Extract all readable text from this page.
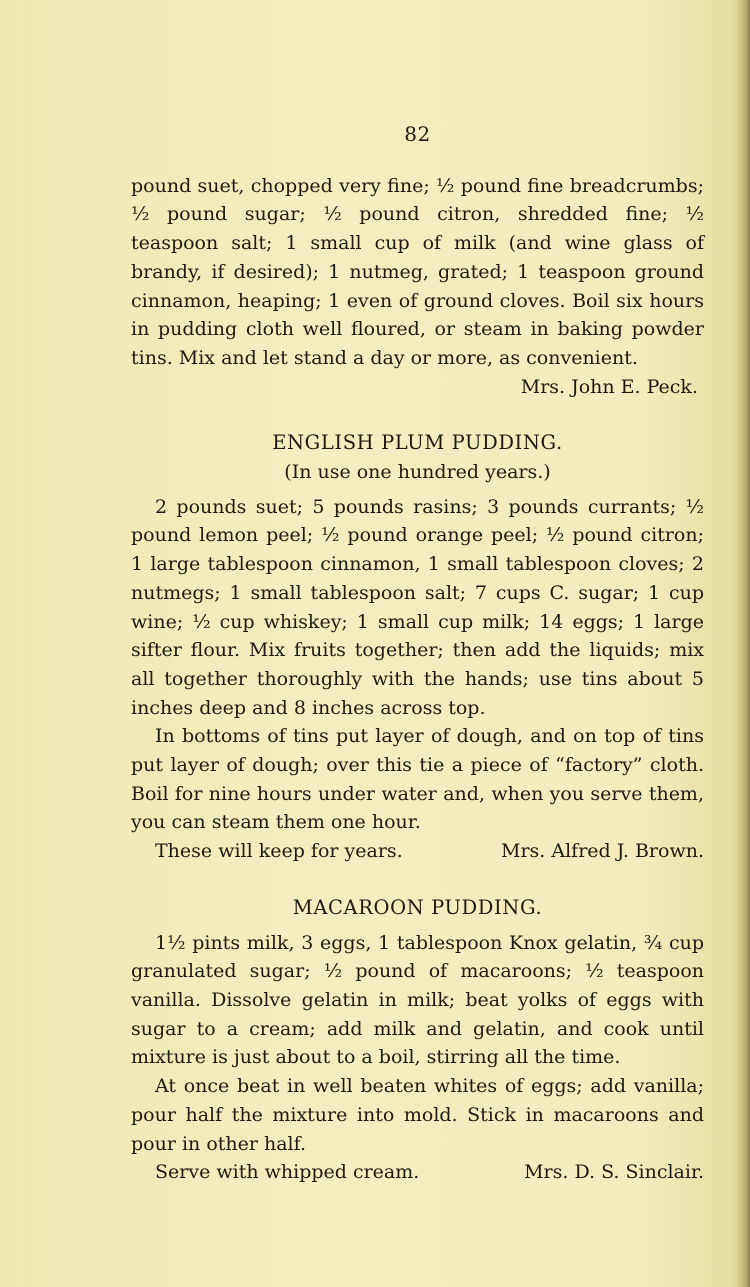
82

pound suet, chopped very fine; ½ pound fine breadcrumbs; ½ pound sugar; ½ pound citron, shredded fine; ½ teaspoon salt; 1 small cup of milk (and wine glass of brandy, if desired); 1 nutmeg, grated; 1 teaspoon ground cinnamon, heaping; 1 even of ground cloves. Boil six hours in pudding cloth well floured, or steam in baking powder tins. Mix and let stand a day or more, as convenient.

Mrs. John E. Peck.
ENGLISH PLUM PUDDING.
(In use one hundred years.)

2 pounds suet; 5 pounds rasins; 3 pounds currants; ½ pound lemon peel; ½ pound orange peel; ½ pound citron; 1 large tablespoon cinnamon, 1 small tablespoon cloves; 2 nutmegs; 1 small tablespoon salt; 7 cups C. sugar; 1 cup wine; ½ cup whiskey; 1 small cup milk; 14 eggs; 1 large sifter flour. Mix fruits together; then add the liquids; mix all together thoroughly with the hands; use tins about 5 inches deep and 8 inches across top.

In bottoms of tins put layer of dough, and on top of tins put layer of dough; over this tie a piece of “factory” cloth. Boil for nine hours under water and, when you serve them, you can steam them one hour.

These will keep for years.	Mrs. Alfred J. Brown.
MACAROON PUDDING.

1½ pints milk, 3 eggs, 1 tablespoon Knox gelatin, ¾ cup granulated sugar; ½ pound of macaroons; ½ teaspoon vanilla. Dissolve gelatin in milk; beat yolks of eggs with sugar to a cream; add milk and gelatin, and cook until mixture is just about to a boil, stirring all the time.

At once beat in well beaten whites of eggs; add vanilla; pour half the mixture into mold. Stick in macaroons and pour in other half.

Serve with whipped cream.	Mrs. D. S. Sinclair.
